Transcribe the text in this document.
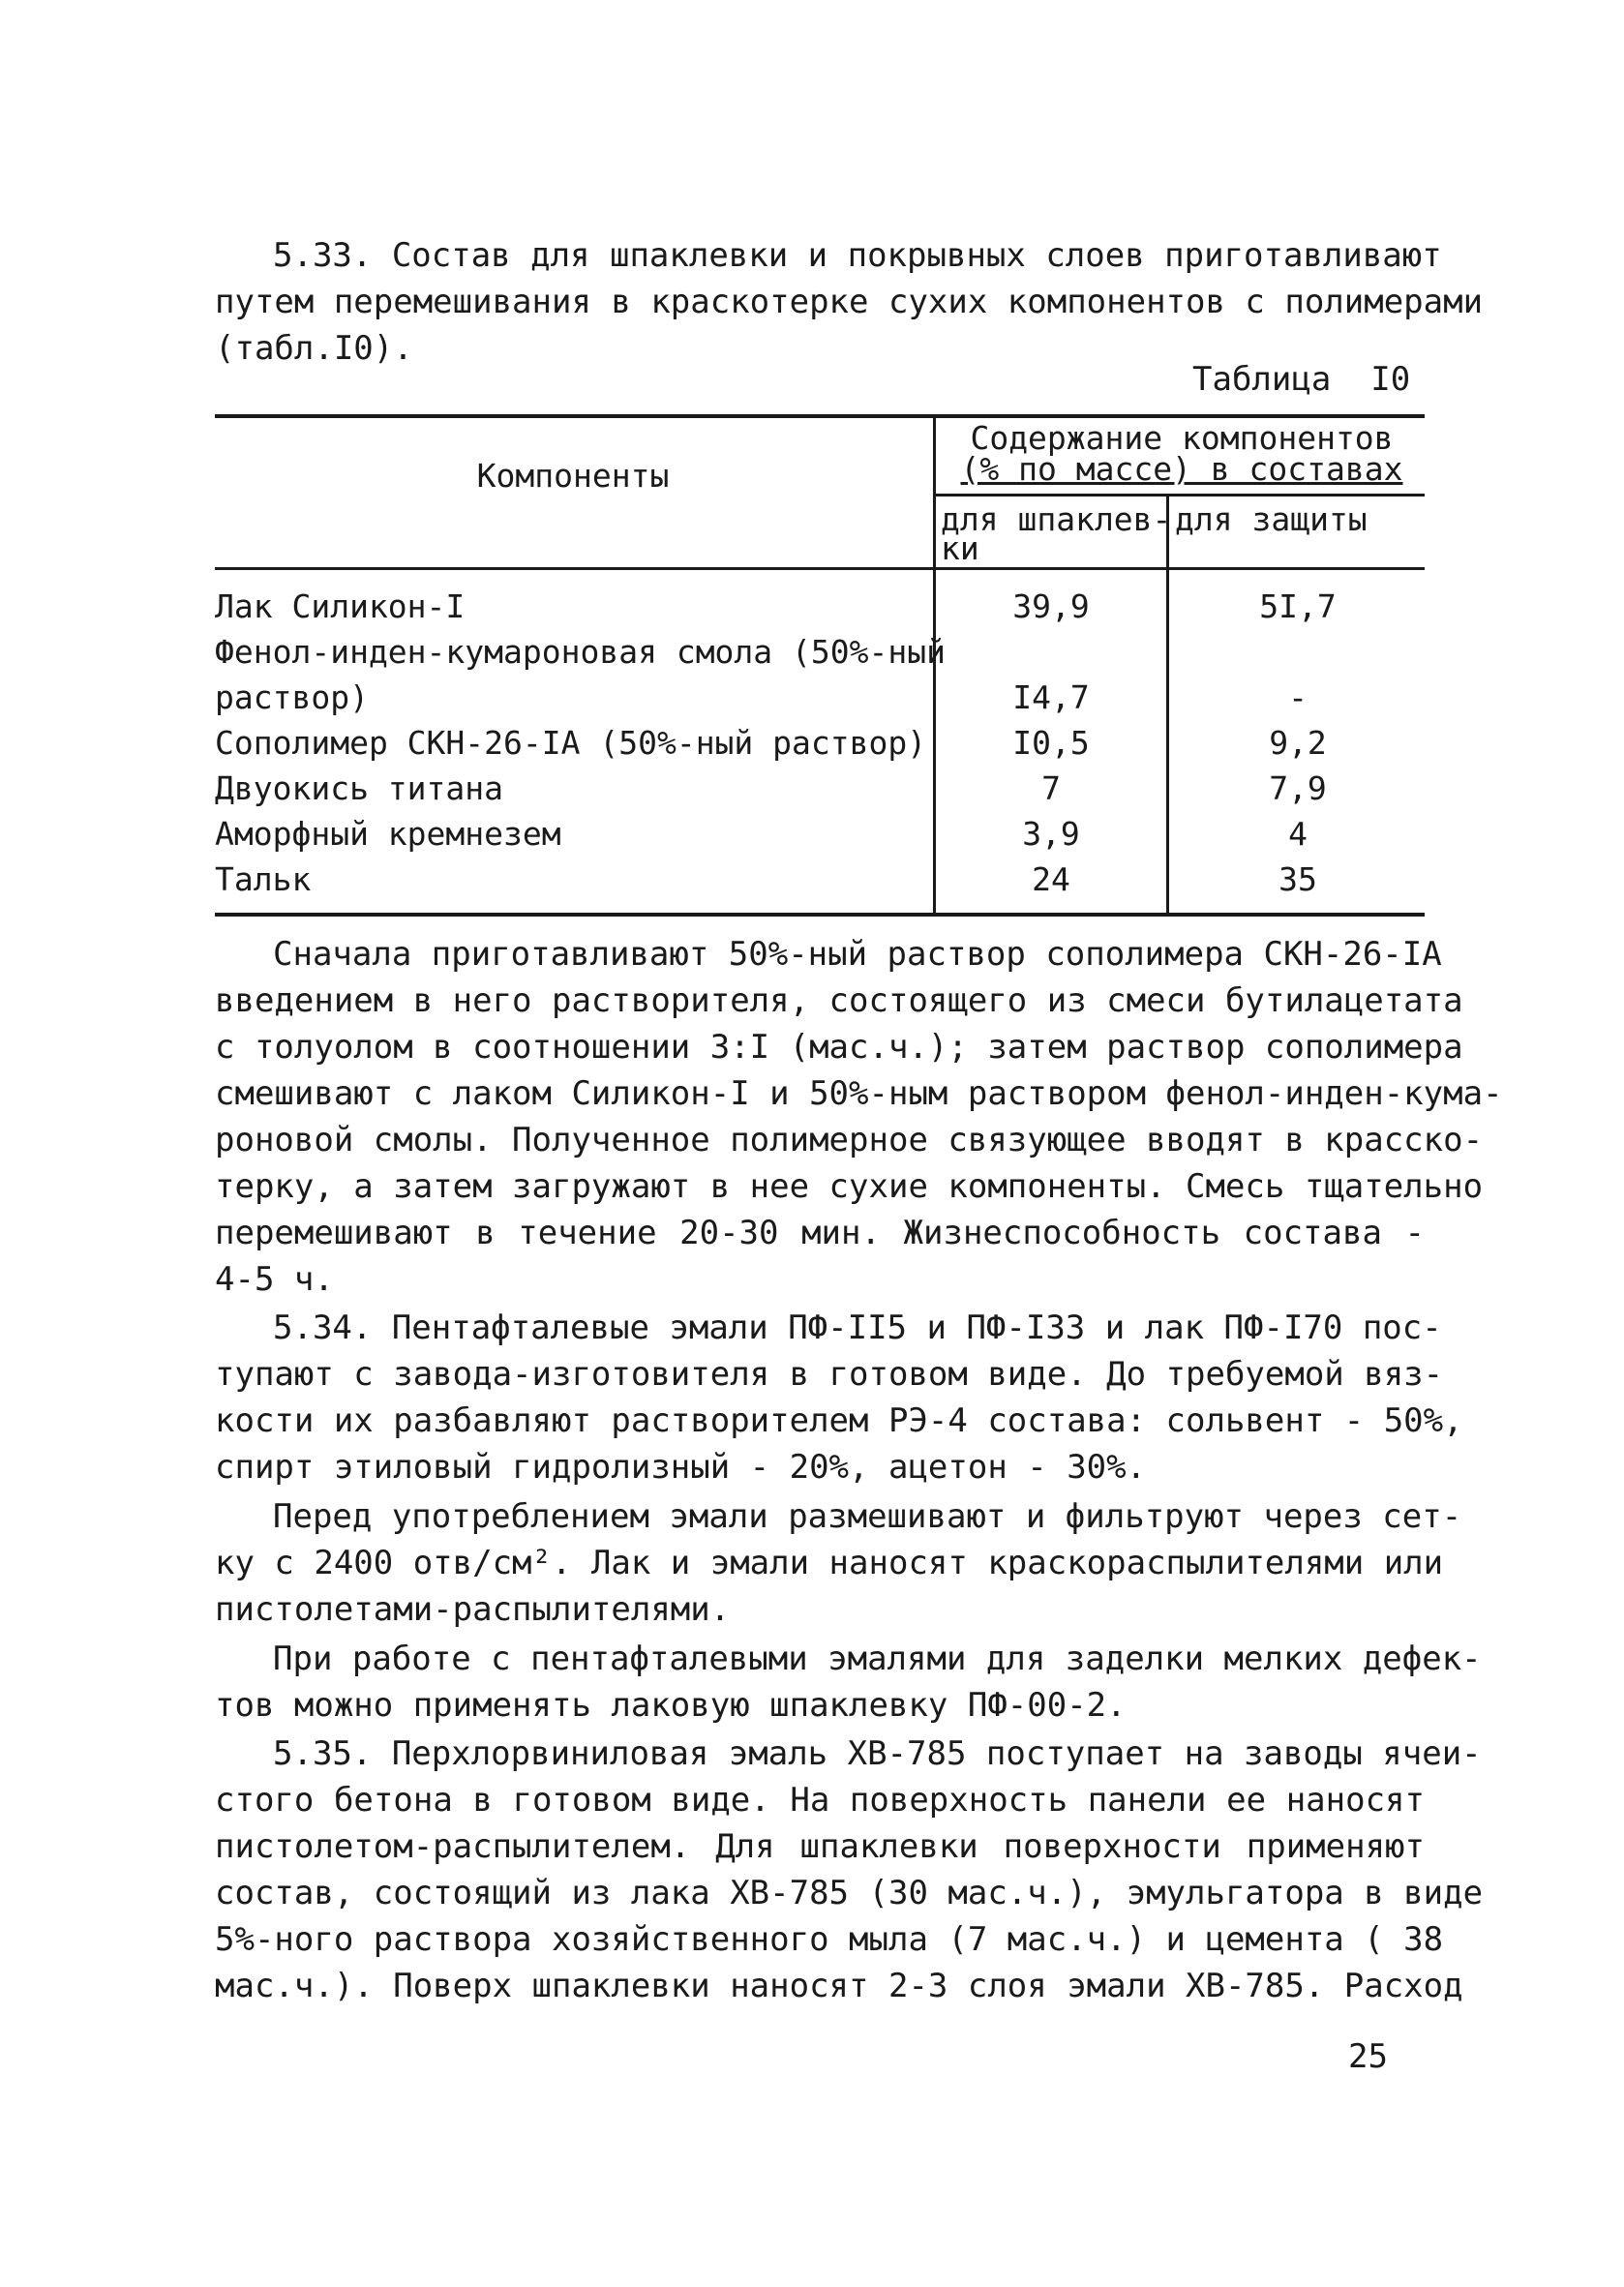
5.33. Состав для шпаклевки и покрывных слоев приготавливают
путем перемешивания в краскотерке сухих компонентов с полимерами
(табл.I0).
Таблица  I0
Компоненты
Содержание компонентов
(% по массе) в составах
для шпаклев-
ки
для защиты
Лак Силикон-I	39,9	5I,7
Фенол-инден-кумароновая смола (50%-ный
раствор)	I4,7	-
Сополимер СКН-26-IA (50%-ный раствор)	I0,5	9,2
Двуокись титана	7	7,9
Аморфный кремнезем	3,9	4
Тальк	24	35
Сначала приготавливают 50%-ный раствор сополимера СКН-26-IA
введением в него растворителя, состоящего из смеси бутилацетата
с толуолом в соотношении 3:I (мас.ч.); затем раствор сополимера
смешивают с лаком Силикон-I и 50%-ным раствором фенол-инден-кума-
роновой смолы. Полученное полимерное связующее вводят в красско-
терку, а затем загружают в нее сухие компоненты. Смесь тщательно
перемешивают в течение 20-30 мин. Жизнеспособность состава -
4-5 ч.
5.34. Пентафталевые эмали ПФ-II5 и ПФ-I33 и лак ПФ-I70 пос-
тупают с завода-изготовителя в готовом виде. До требуемой вяз-
кости их разбавляют растворителем РЭ-4 состава: сольвент - 50%,
спирт этиловый гидролизный - 20%, ацетон - 30%.
Перед употреблением эмали размешивают и фильтруют через сет-
ку с 2400 отв/см². Лак и эмали наносят краскораспылителями или
пистолетами-распылителями.
При работе с пентафталевыми эмалями для заделки мелких дефек-
тов можно применять лаковую шпаклевку ПФ-00-2.
5.35. Перхлорвиниловая эмаль ХВ-785 поступает на заводы ячеи-
стого бетона в готовом виде. На поверхность панели ее наносят
пистолетом-распылителем. Для шпаклевки поверхности применяют
состав, состоящий из лака ХВ-785 (30 мас.ч.), эмульгатора в виде
5%-ного раствора хозяйственного мыла (7 мас.ч.) и цемента ( 38
мас.ч.). Поверх шпаклевки наносят 2-3 слоя эмали ХВ-785. Расход
25
